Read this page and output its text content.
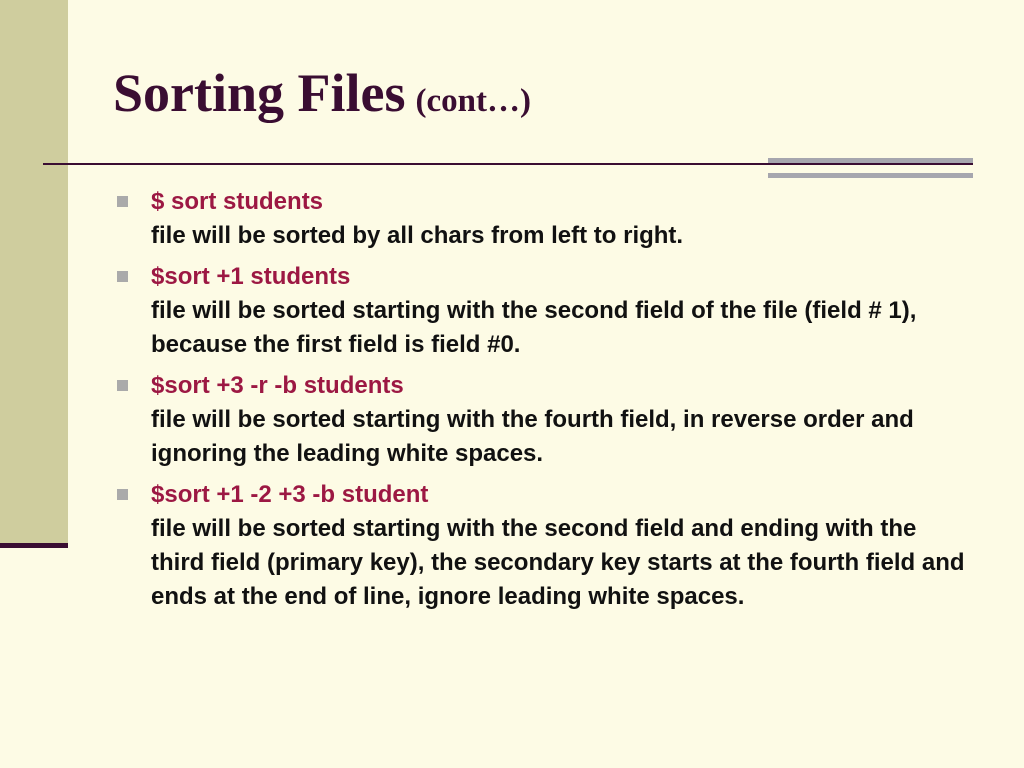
Sorting Files (cont…)
$ sort students
file will be sorted by all chars from left to right.
$sort +1 students
file will be sorted starting with the second field of the file (field # 1), because the first field is field #0.
$sort +3 -r -b students
file will be sorted starting with the fourth field, in reverse order and ignoring the leading white spaces.
$sort +1 -2 +3 -b student
file will be sorted starting with the second field and ending with the third field (primary key), the secondary key starts at the fourth field and ends at the end of line, ignore leading white spaces.
